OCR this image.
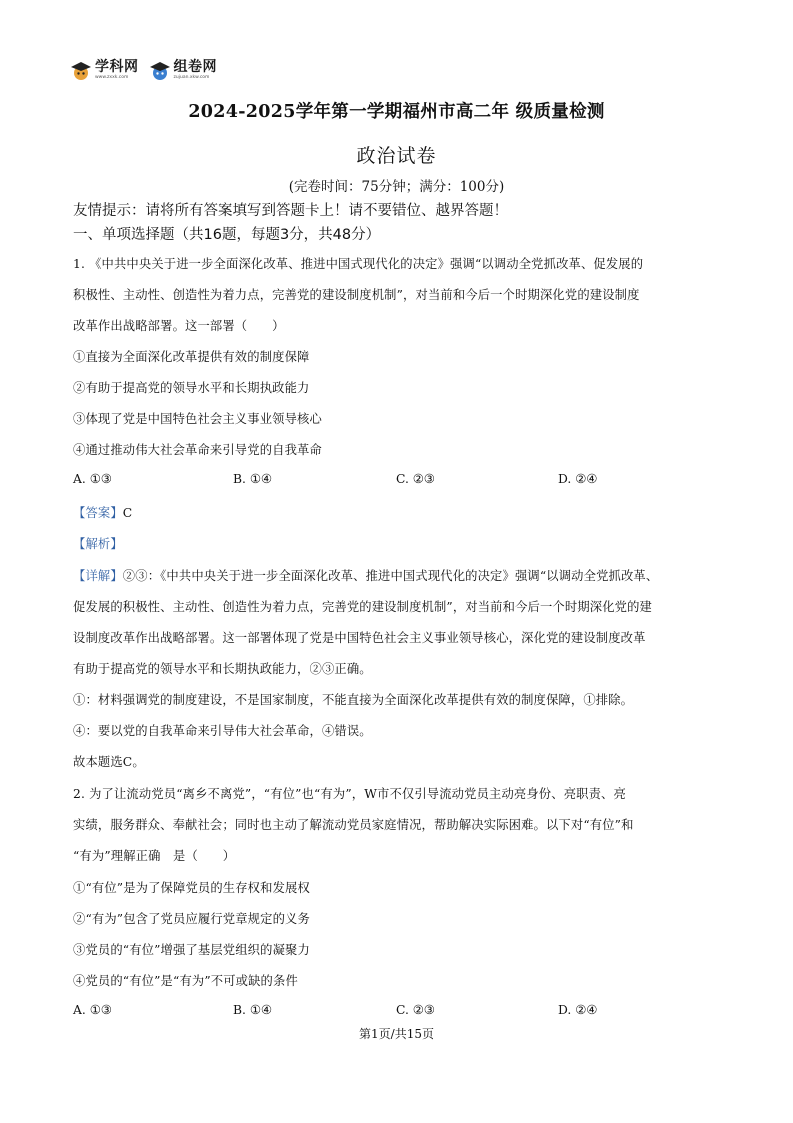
学科网
www.zxxk.com
组卷网
zujuan.xkw.com
2024-2025学年第一学期福州市高二年 级质量检测
政治试卷
(完卷时间：75分钟；满分：100分)
友情提示：请将所有答案填写到答题卡上！请不要错位、越界答题！
一、单项选择题（共16题，每题3分，共48分）
1. 《中共中央关于进一步全面深化改革、推进中国式现代化的决定》强调“以调动全党抓改革、促发展的
积极性、主动性、创造性为着力点，完善党的建设制度机制”，对当前和今后一个时期深化党的建设制度
改革作出战略部署。这一部署（　　）
①直接为全面深化改革提供有效的制度保障
②有助于提高党的领导水平和长期执政能力
③体现了党是中国特色社会主义事业领导核心
④通过推动伟大社会革命来引导党的自我革命
A. ①③	B. ①④	C. ②③	D. ②④
【答案】C
【解析】
【详解】②③：《中共中央关于进一步全面深化改革、推进中国式现代化的决定》强调“以调动全党抓改革、
促发展的积极性、主动性、创造性为着力点，完善党的建设制度机制”，对当前和今后一个时期深化党的建
设制度改革作出战略部署。这一部署体现了党是中国特色社会主义事业领导核心，深化党的建设制度改革
有助于提高党的领导水平和长期执政能力，②③正确。
①：材料强调党的制度建设，不是国家制度，不能直接为全面深化改革提供有效的制度保障，①排除。
④：要以党的自我革命来引导伟大社会革命，④错误。
故本题选C。
2. 为了让流动党员“离乡不离党”，“有位”也“有为”，W市不仅引导流动党员主动亮身份、亮职责、亮
实绩，服务群众、奉献社会；同时也主动了解流动党员家庭情况，帮助解决实际困难。以下对“有位”和
“有为”理解正确　是（　　）
①“有位”是为了保障党员的生存权和发展权
②“有为”包含了党员应履行党章规定的义务
③党员的“有位”增强了基层党组织的凝聚力
④党员的“有位”是“有为”不可或缺的条件
A. ①③	B. ①④	C. ②③	D. ②④
第1页/共15页
